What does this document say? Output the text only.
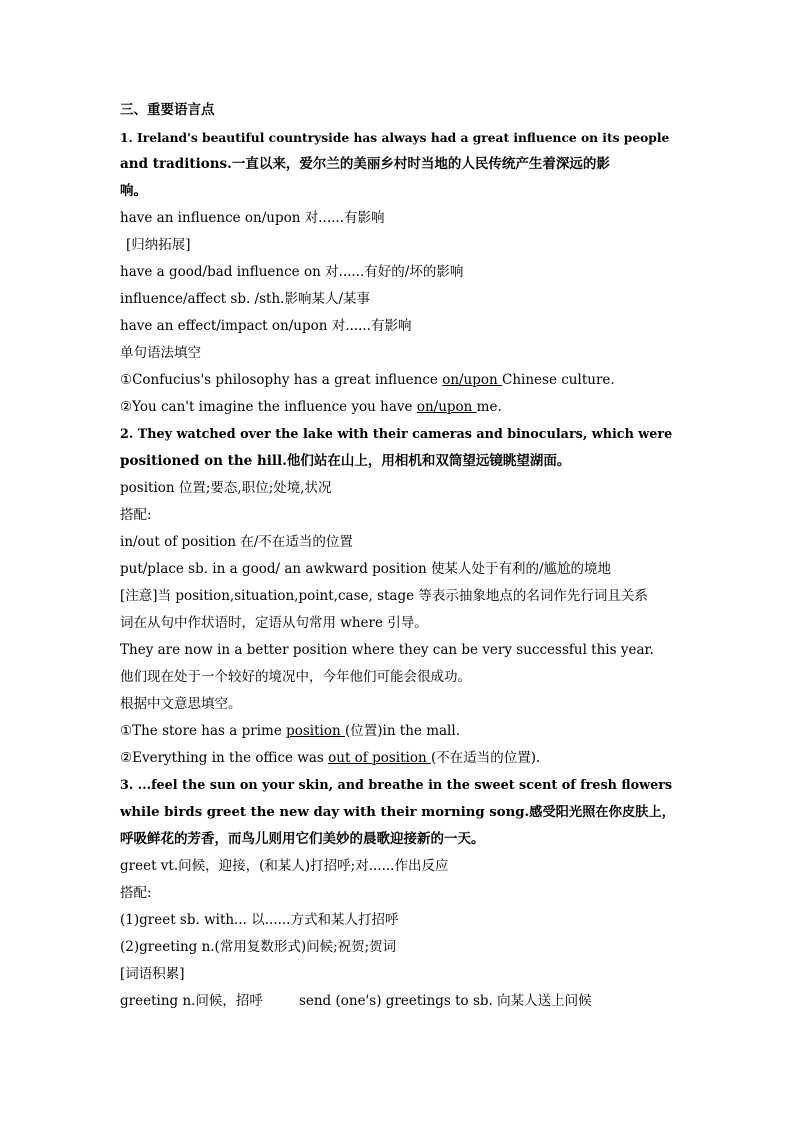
三、重要语言点
1. Ireland's beautiful countryside has always had a great influence on its people
and traditions.一直以来，爱尔兰的美丽乡村时当地的人民传统产生着深远的影
响。
have an influence on/upon 对......有影响
[归纳拓展]
have a good/bad influence on 对......有好的/坏的影响
influence/affect sb. /sth.影响某人/某事
have an effect/impact on/upon 对......有影响
单句语法填空
①Confucius's philosophy has a great influence on/upon Chinese culture.
②You can't imagine the influence you have on/upon me.
2. They watched over the lake with their cameras and binoculars, which were
positioned on the hill.他们站在山上，用相机和双筒望远镜眺望湖面。
position 位置;要态,职位;处境,状况
搭配:
in/out of position 在/不在适当的位置
put/place sb. in a good/ an awkward position 使某人处于有利的/尴尬的境地
[注意]当 position,situation,point,case, stage 等表示抽象地点的名词作先行词且关系
词在从句中作状语时，定语从句常用 where 引导。
They are now in a better position where they can be very successful this year.
他们现在处于一个较好的境况中，今年他们可能会很成功。
根据中文意思填空。
①The store has a prime position (位置)in the mall.
②Everything in the office was out of position (不在适当的位置).
3. ...feel the sun on your skin, and breathe in the sweet scent of fresh flowers
while birds greet the new day with their morning song.感受阳光照在你皮肤上，
呼吸鲜花的芳香，而鸟儿则用它们美妙的晨歌迎接新的一天。
greet vt.问候，迎接，(和某人)打招呼;对......作出反应
搭配:
(1)greet sb. with... 以......方式和某人打招呼
(2)greeting n.(常用复数形式)问候;祝贺;贺词
[词语积累]
greeting n.问候，招呼	send (one's) greetings to sb. 向某人送上问候
